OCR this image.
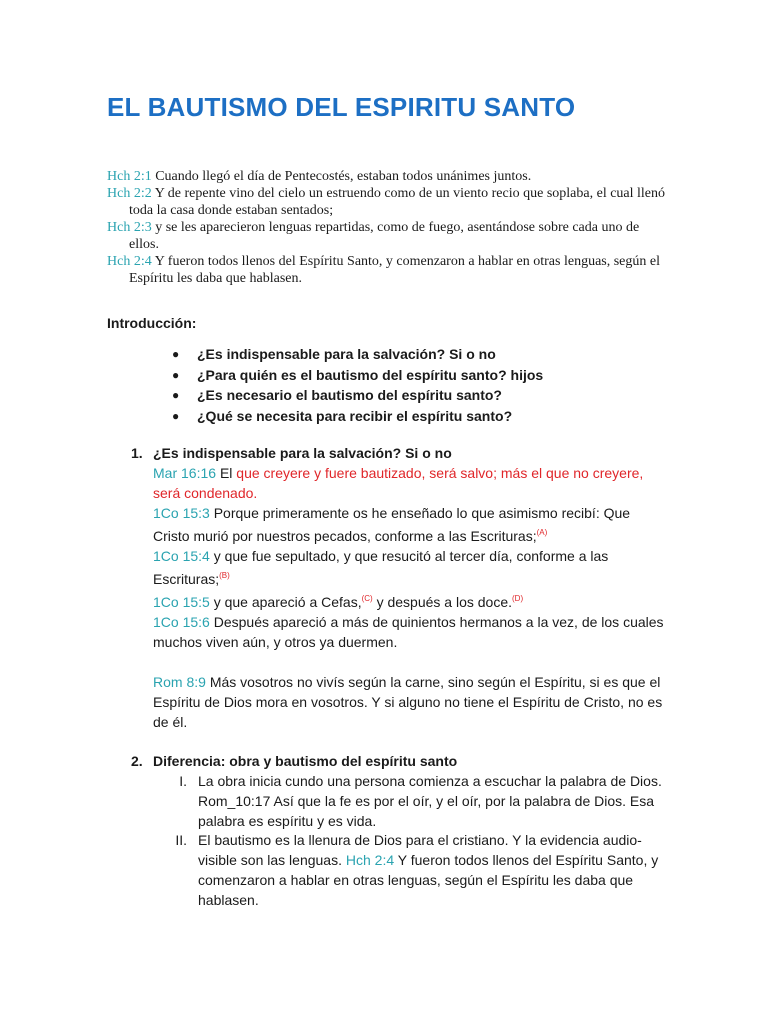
EL BAUTISMO DEL ESPIRITU SANTO
Hch 2:1 Cuando llegó el día de Pentecostés, estaban todos unánimes juntos.
Hch 2:2 Y de repente vino del cielo un estruendo como de un viento recio que soplaba, el cual llenó toda la casa donde estaban sentados;
Hch 2:3 y se les aparecieron lenguas repartidas, como de fuego, asentándose sobre cada uno de ellos.
Hch 2:4 Y fueron todos llenos del Espíritu Santo, y comenzaron a hablar en otras lenguas, según el Espíritu les daba que hablasen.
Introducción:
● ¿Es indispensable para la salvación? Si o no
● ¿Para quién es el bautismo del espíritu santo? hijos
● ¿Es necesario el bautismo del espíritu santo?
● ¿Qué se necesita para recibir el espíritu santo?
1. ¿Es indispensable para la salvación? Si o no
Mar 16:16 El que creyere y fuere bautizado, será salvo; más el que no creyere, será condenado.
1Co 15:3 Porque primeramente os he enseñado lo que asimismo recibí: Que Cristo murió por nuestros pecados, conforme a las Escrituras;$^{(A)}$
1Co 15:4 y que fue sepultado, y que resucitó al tercer día, conforme a las Escrituras;$^{(B)}$
1Co 15:5 y que apareció a Cefas,$^{(C)}$ y después a los doce.$^{(D)}$
1Co 15:6 Después apareció a más de quinientos hermanos a la vez, de los cuales muchos viven aún, y otros ya duermen.
Rom 8:9 Más vosotros no vivís según la carne, sino según el Espíritu, si es que el Espíritu de Dios mora en vosotros. Y si alguno no tiene el Espíritu de Cristo, no es de él.
2. Diferencia: obra y bautismo del espíritu santo
I. La obra inicia cundo una persona comienza a escuchar la palabra de Dios. Rom_10:17 Así que la fe es por el oír, y el oír, por la palabra de Dios. Esa palabra es espíritu y es vida.
II. El bautismo es la llenura de Dios para el cristiano. Y la evidencia audio-visible son las lenguas. Hch 2:4 Y fueron todos llenos del Espíritu Santo, y comenzaron a hablar en otras lenguas, según el Espíritu les daba que hablasen.
